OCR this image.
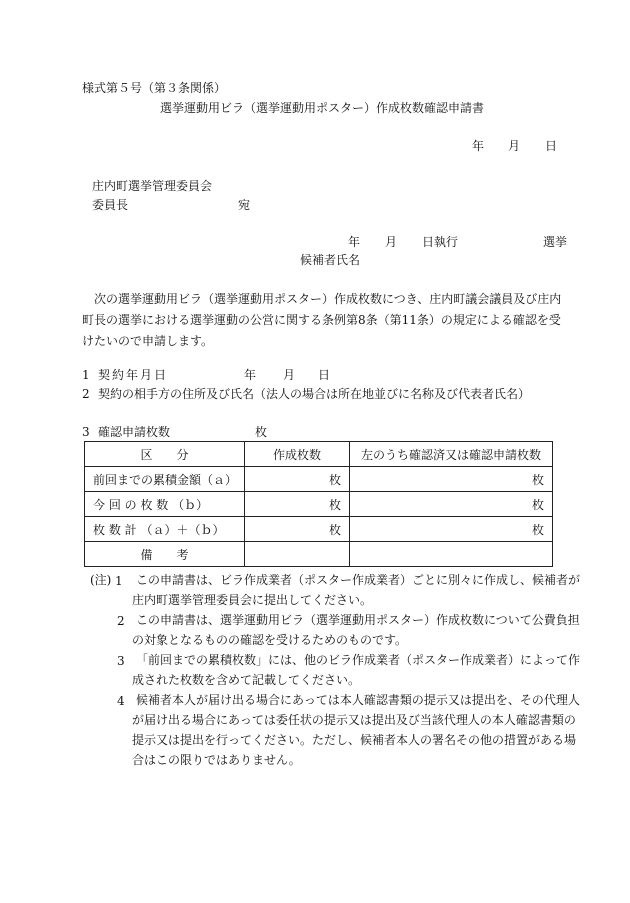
様式第５号（第３条関係）
選挙運動用ビラ（選挙運動用ポスター）作成枚数確認申請書
年 月 日
庄内町選挙管理委員会
委員長	宛
年 月 日執行	選挙
候補者氏名
次の選挙運動用ビラ（選挙運動用ポスター）作成枚数につき、庄内町議会議員及び庄内町長の選挙における選挙運動の公営に関する条例第8条（第11条）の規定による確認を受けたいので申請します。
1 契約年月日	年 月 日
2 契約の相手方の住所及び氏名（法人の場合は所在地並びに名称及び代表者氏名）
3 確認申請枚数	枚
区　　分	作成枚数	左のうち確認済又は確認申請枚数
前回までの累積金額（ａ）	枚	枚
今 回 の 枚 数 （ｂ）	枚	枚
枚 数 計 （ａ）＋（ｂ）	枚	枚
備　　考		
(注) 1	この申請書は、ビラ作成業者（ポスター作成業者）ごとに別々に作成し、候補者が庄内町選挙管理委員会に提出してください。
2 この申請書は、選挙運動用ビラ（選挙運動用ポスター）作成枚数について公費負担の対象となるものの確認を受けるためのものです。
3 「前回までの累積枚数」には、他のビラ作成業者（ポスター作成業者）によって作成された枚数を含めて記載してください。
4 候補者本人が届け出る場合にあっては本人確認書類の提示又は提出を、その代理人が届け出る場合にあっては委任状の提示又は提出及び当該代理人の本人確認書類の提示又は提出を行ってください。ただし、候補者本人の署名その他の措置がある場合はこの限りではありません。
